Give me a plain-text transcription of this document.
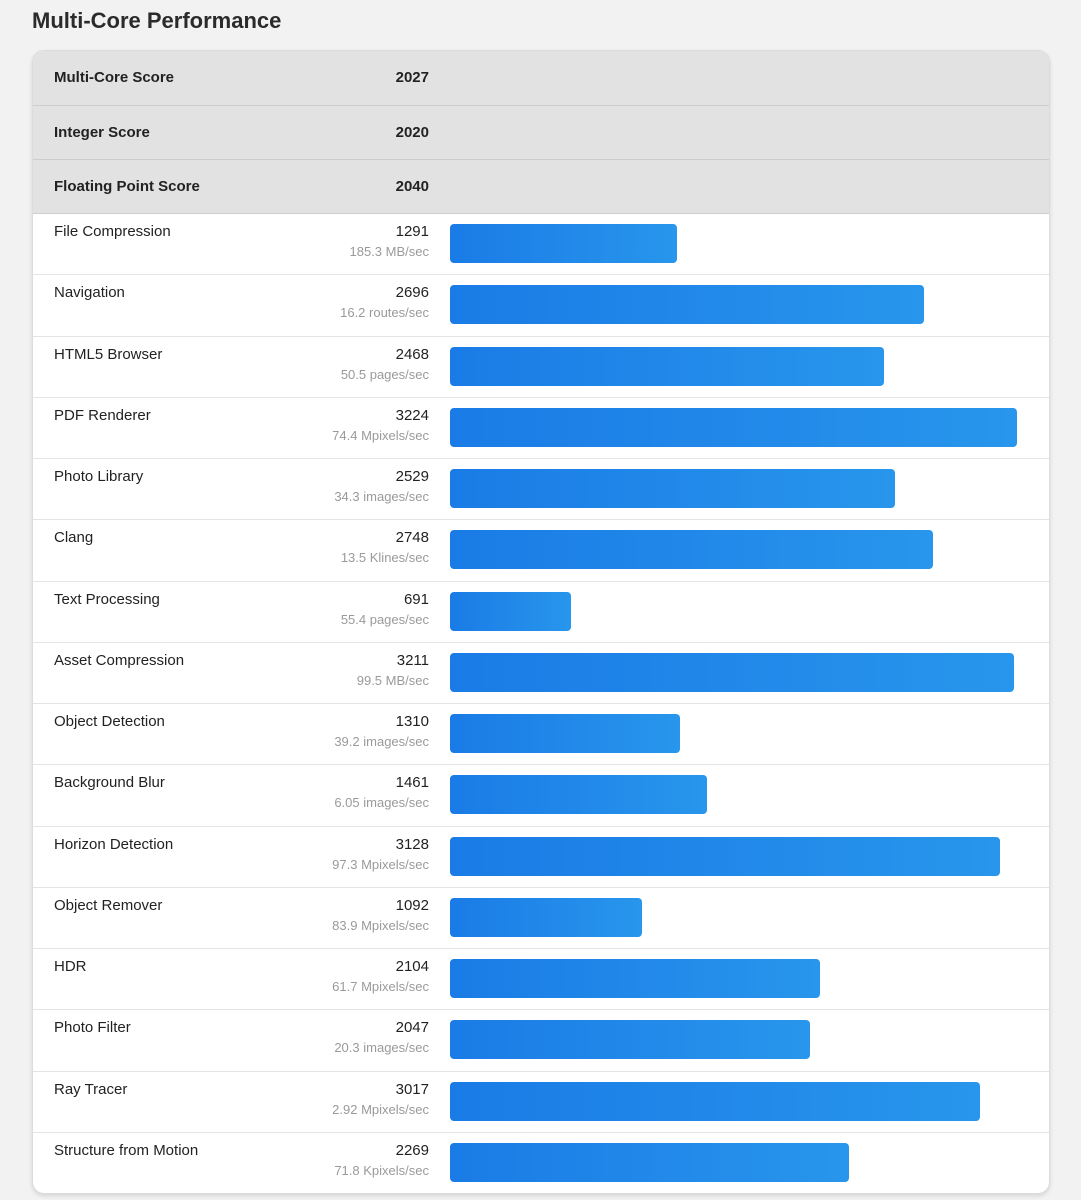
Multi-Core Performance
Multi-Core Score	2027
Integer Score	2020
Floating Point Score	2040
File Compression	1291
185.3 MB/sec
Navigation	2696
16.2 routes/sec
HTML5 Browser	2468
50.5 pages/sec
PDF Renderer	3224
74.4 Mpixels/sec
Photo Library	2529
34.3 images/sec
Clang	2748
13.5 Klines/sec
Text Processing	691
55.4 pages/sec
Asset Compression	3211
99.5 MB/sec
Object Detection	1310
39.2 images/sec
Background Blur	1461
6.05 images/sec
Horizon Detection	3128
97.3 Mpixels/sec
Object Remover	1092
83.9 Mpixels/sec
HDR	2104
61.7 Mpixels/sec
Photo Filter	2047
20.3 images/sec
Ray Tracer	3017
2.92 Mpixels/sec
Structure from Motion	2269
71.8 Kpixels/sec
